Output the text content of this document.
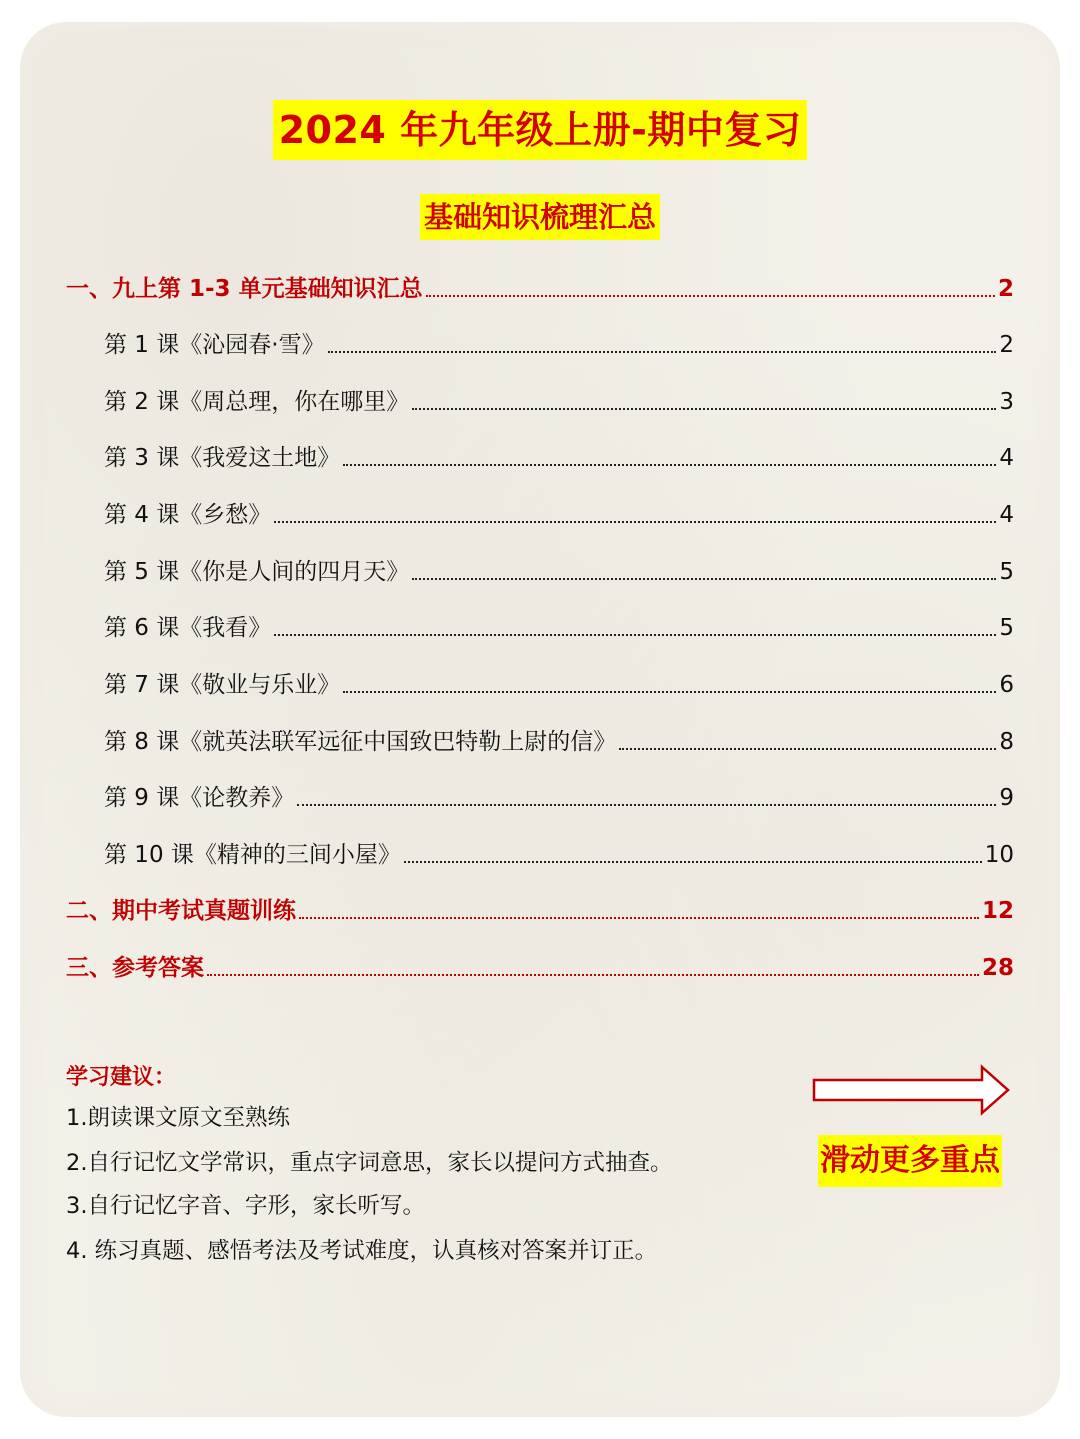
2024 年九年级上册-期中复习
基础知识梳理汇总
一、九上第 1-3 单元基础知识汇总	2
第 1 课《沁园春·雪》	2
第 2 课《周总理，你在哪里》	3
第 3 课《我爱这土地》	4
第 4 课《乡愁》	4
第 5 课《你是人间的四月天》	5
第 6 课《我看》	5
第 7 课《敬业与乐业》	6
第 8 课《就英法联军远征中国致巴特勒上尉的信》	8
第 9 课《论教养》	9
第 10 课《精神的三间小屋》	10
二、期中考试真题训练	12
三、参考答案	28
学习建议：
1.朗读课文原文至熟练
2.自行记忆文学常识，重点字词意思，家长以提问方式抽查。
3.自行记忆字音、字形，家长听写。
4. 练习真题、感悟考法及考试难度，认真核对答案并订正。
滑动更多重点
